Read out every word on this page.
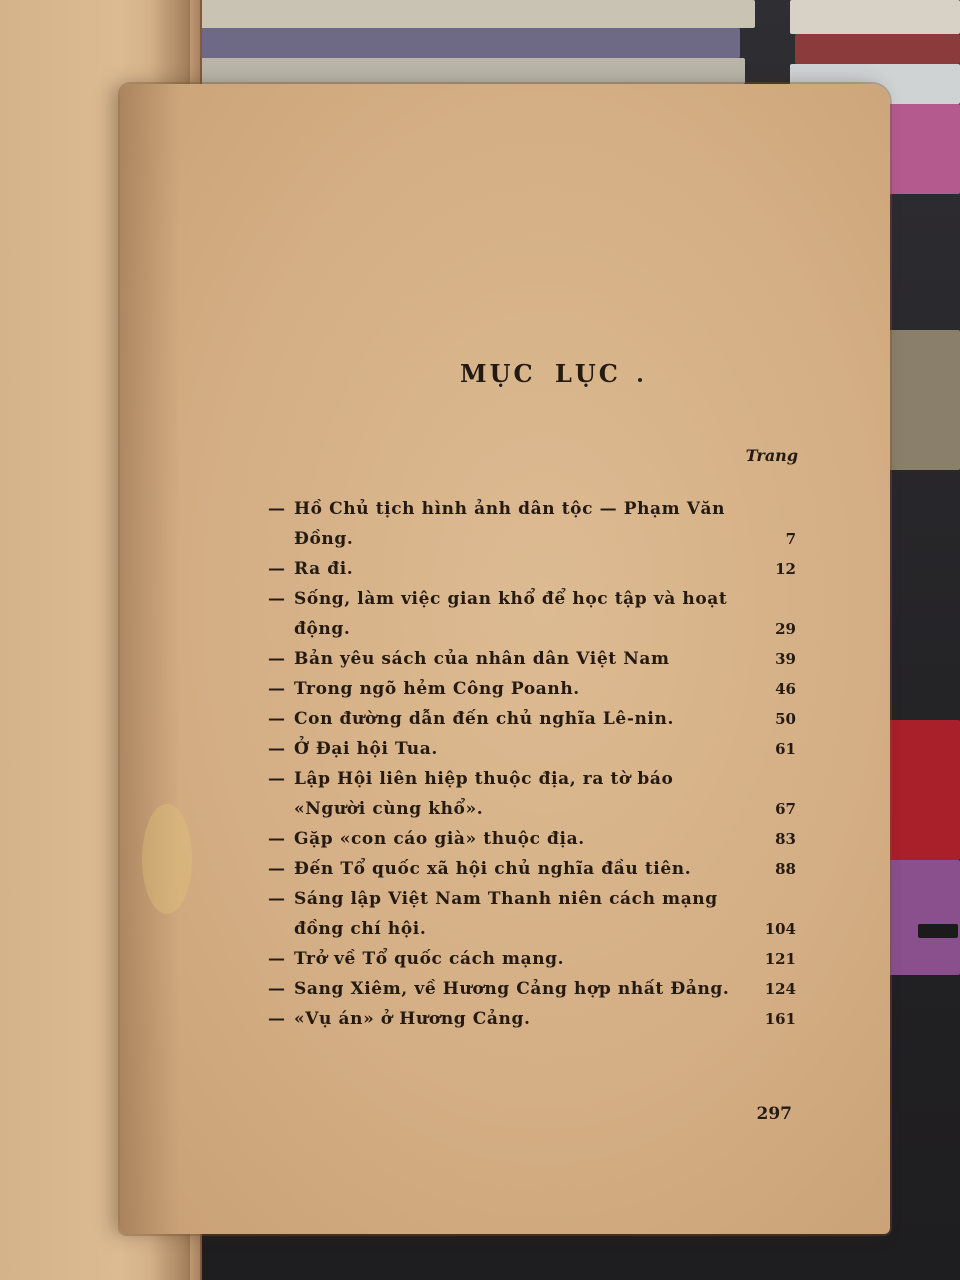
MỤC LỤC
Trang
— Hồ Chủ tịch hình ảnh dân tộc — Phạm Văn Đồng.	7
— Ra đi.	12
— Sống, làm việc gian khổ để học tập và hoạt động.	29
— Bản yêu sách của nhân dân Việt Nam	39
— Trong ngõ hẻm Công Poanh.	46
— Con đường dẫn đến chủ nghĩa Lê-nin.	50
— Ở Đại hội Tua.	61
— Lập Hội liên hiệp thuộc địa, ra tờ báo «Người cùng khổ».	67
— Gặp «con cáo già» thuộc địa.	83
— Đến Tổ quốc xã hội chủ nghĩa đầu tiên.	88
— Sáng lập Việt Nam Thanh niên cách mạng đồng chí hội.	104
— Trở về Tổ quốc cách mạng.	121
— Sang Xiêm, về Hương Cảng hợp nhất Đảng.	124
— «Vụ án» ở Hương Cảng.	161
297
